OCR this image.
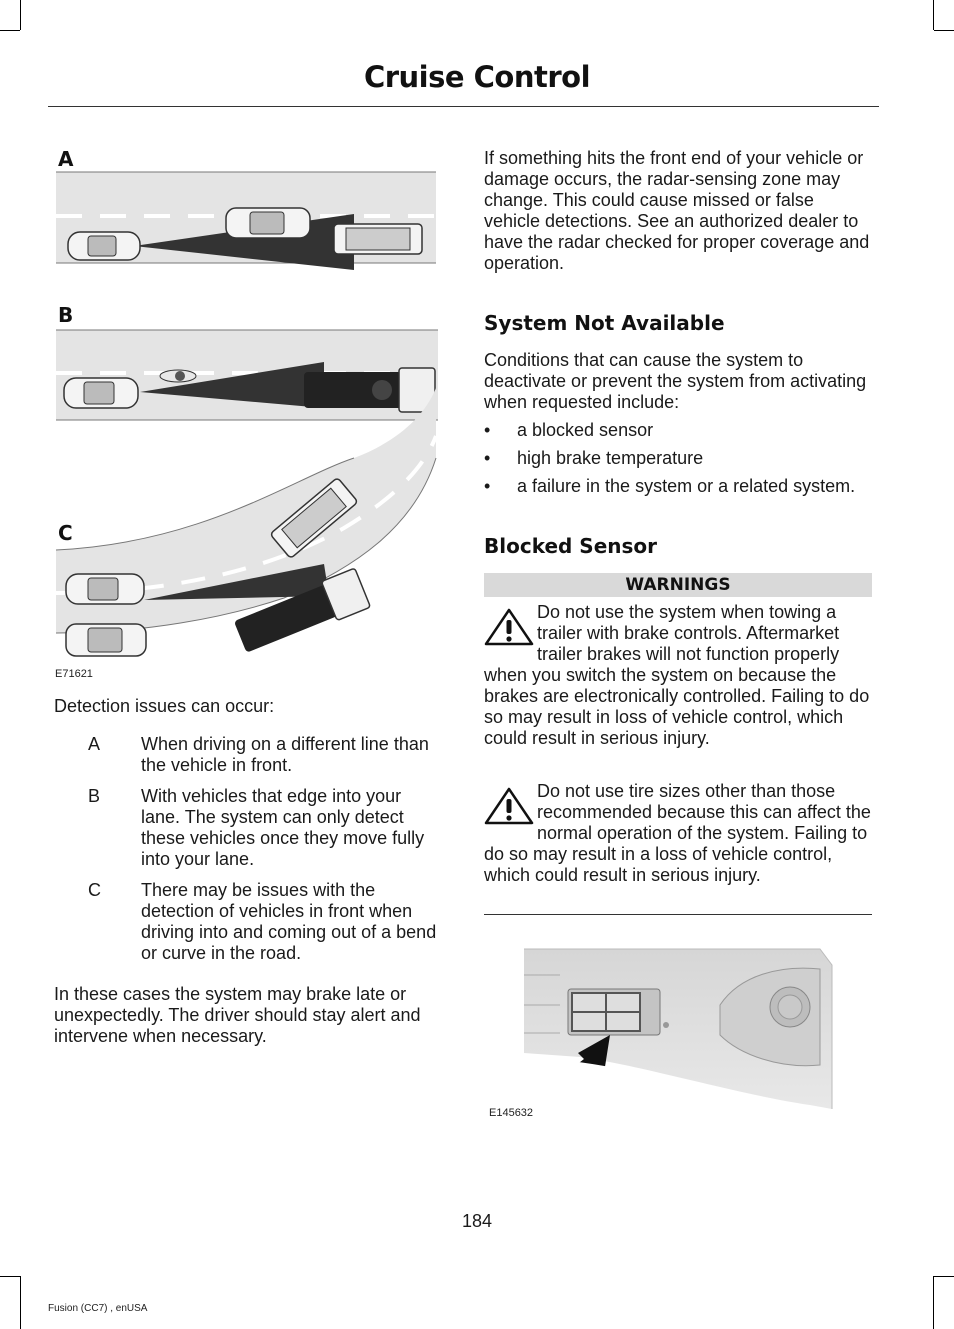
Cruise Control
A
B
C
E71621
Detection issues can occur:
A When driving on a different line than the vehicle in front.
B With vehicles that edge into your lane. The system can only detect these vehicles once they move fully into your lane.
C There may be issues with the detection of vehicles in front when driving into and coming out of a bend or curve in the road.
In these cases the system may brake late or unexpectedly. The driver should stay alert and intervene when necessary.
If something hits the front end of your vehicle or damage occurs, the radar-sensing zone may change. This could cause missed or false vehicle detections. See an authorized dealer to have the radar checked for proper coverage and operation.
System Not Available
Conditions that can cause the system to deactivate or prevent the system from activating when requested include:
• a blocked sensor
• high brake temperature
• a failure in the system or a related system.
Blocked Sensor
WARNINGS
Do not use the system when towing a trailer with brake controls. Aftermarket trailer brakes will not function properly when you switch the system on because the brakes are electronically controlled. Failing to do so may result in loss of vehicle control, which could result in serious injury.
Do not use tire sizes other than those recommended because this can affect the normal operation of the system. Failing to do so may result in a loss of vehicle control, which could result in serious injury.
E145632
184
Fusion (CC7) , enUSA
